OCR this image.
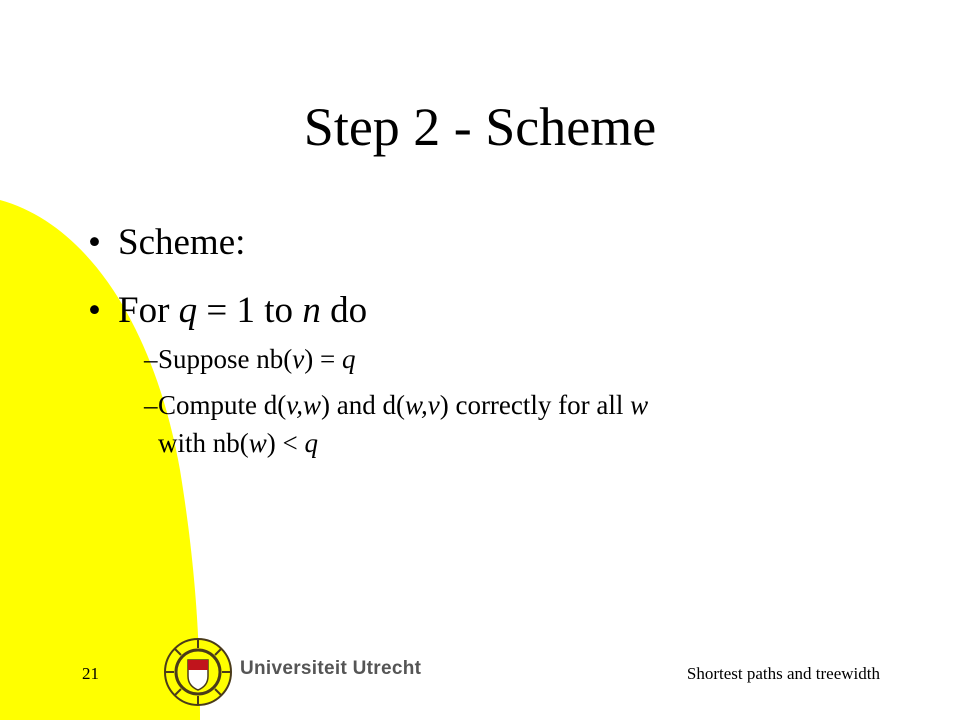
Step 2 - Scheme
• Scheme:
• For q = 1 to n do
– Suppose nb(v) = q
– Compute d(v,w) and d(w,v) correctly for all w
with nb(w) < q
21	Universiteit Utrecht	Shortest paths and treewidth
